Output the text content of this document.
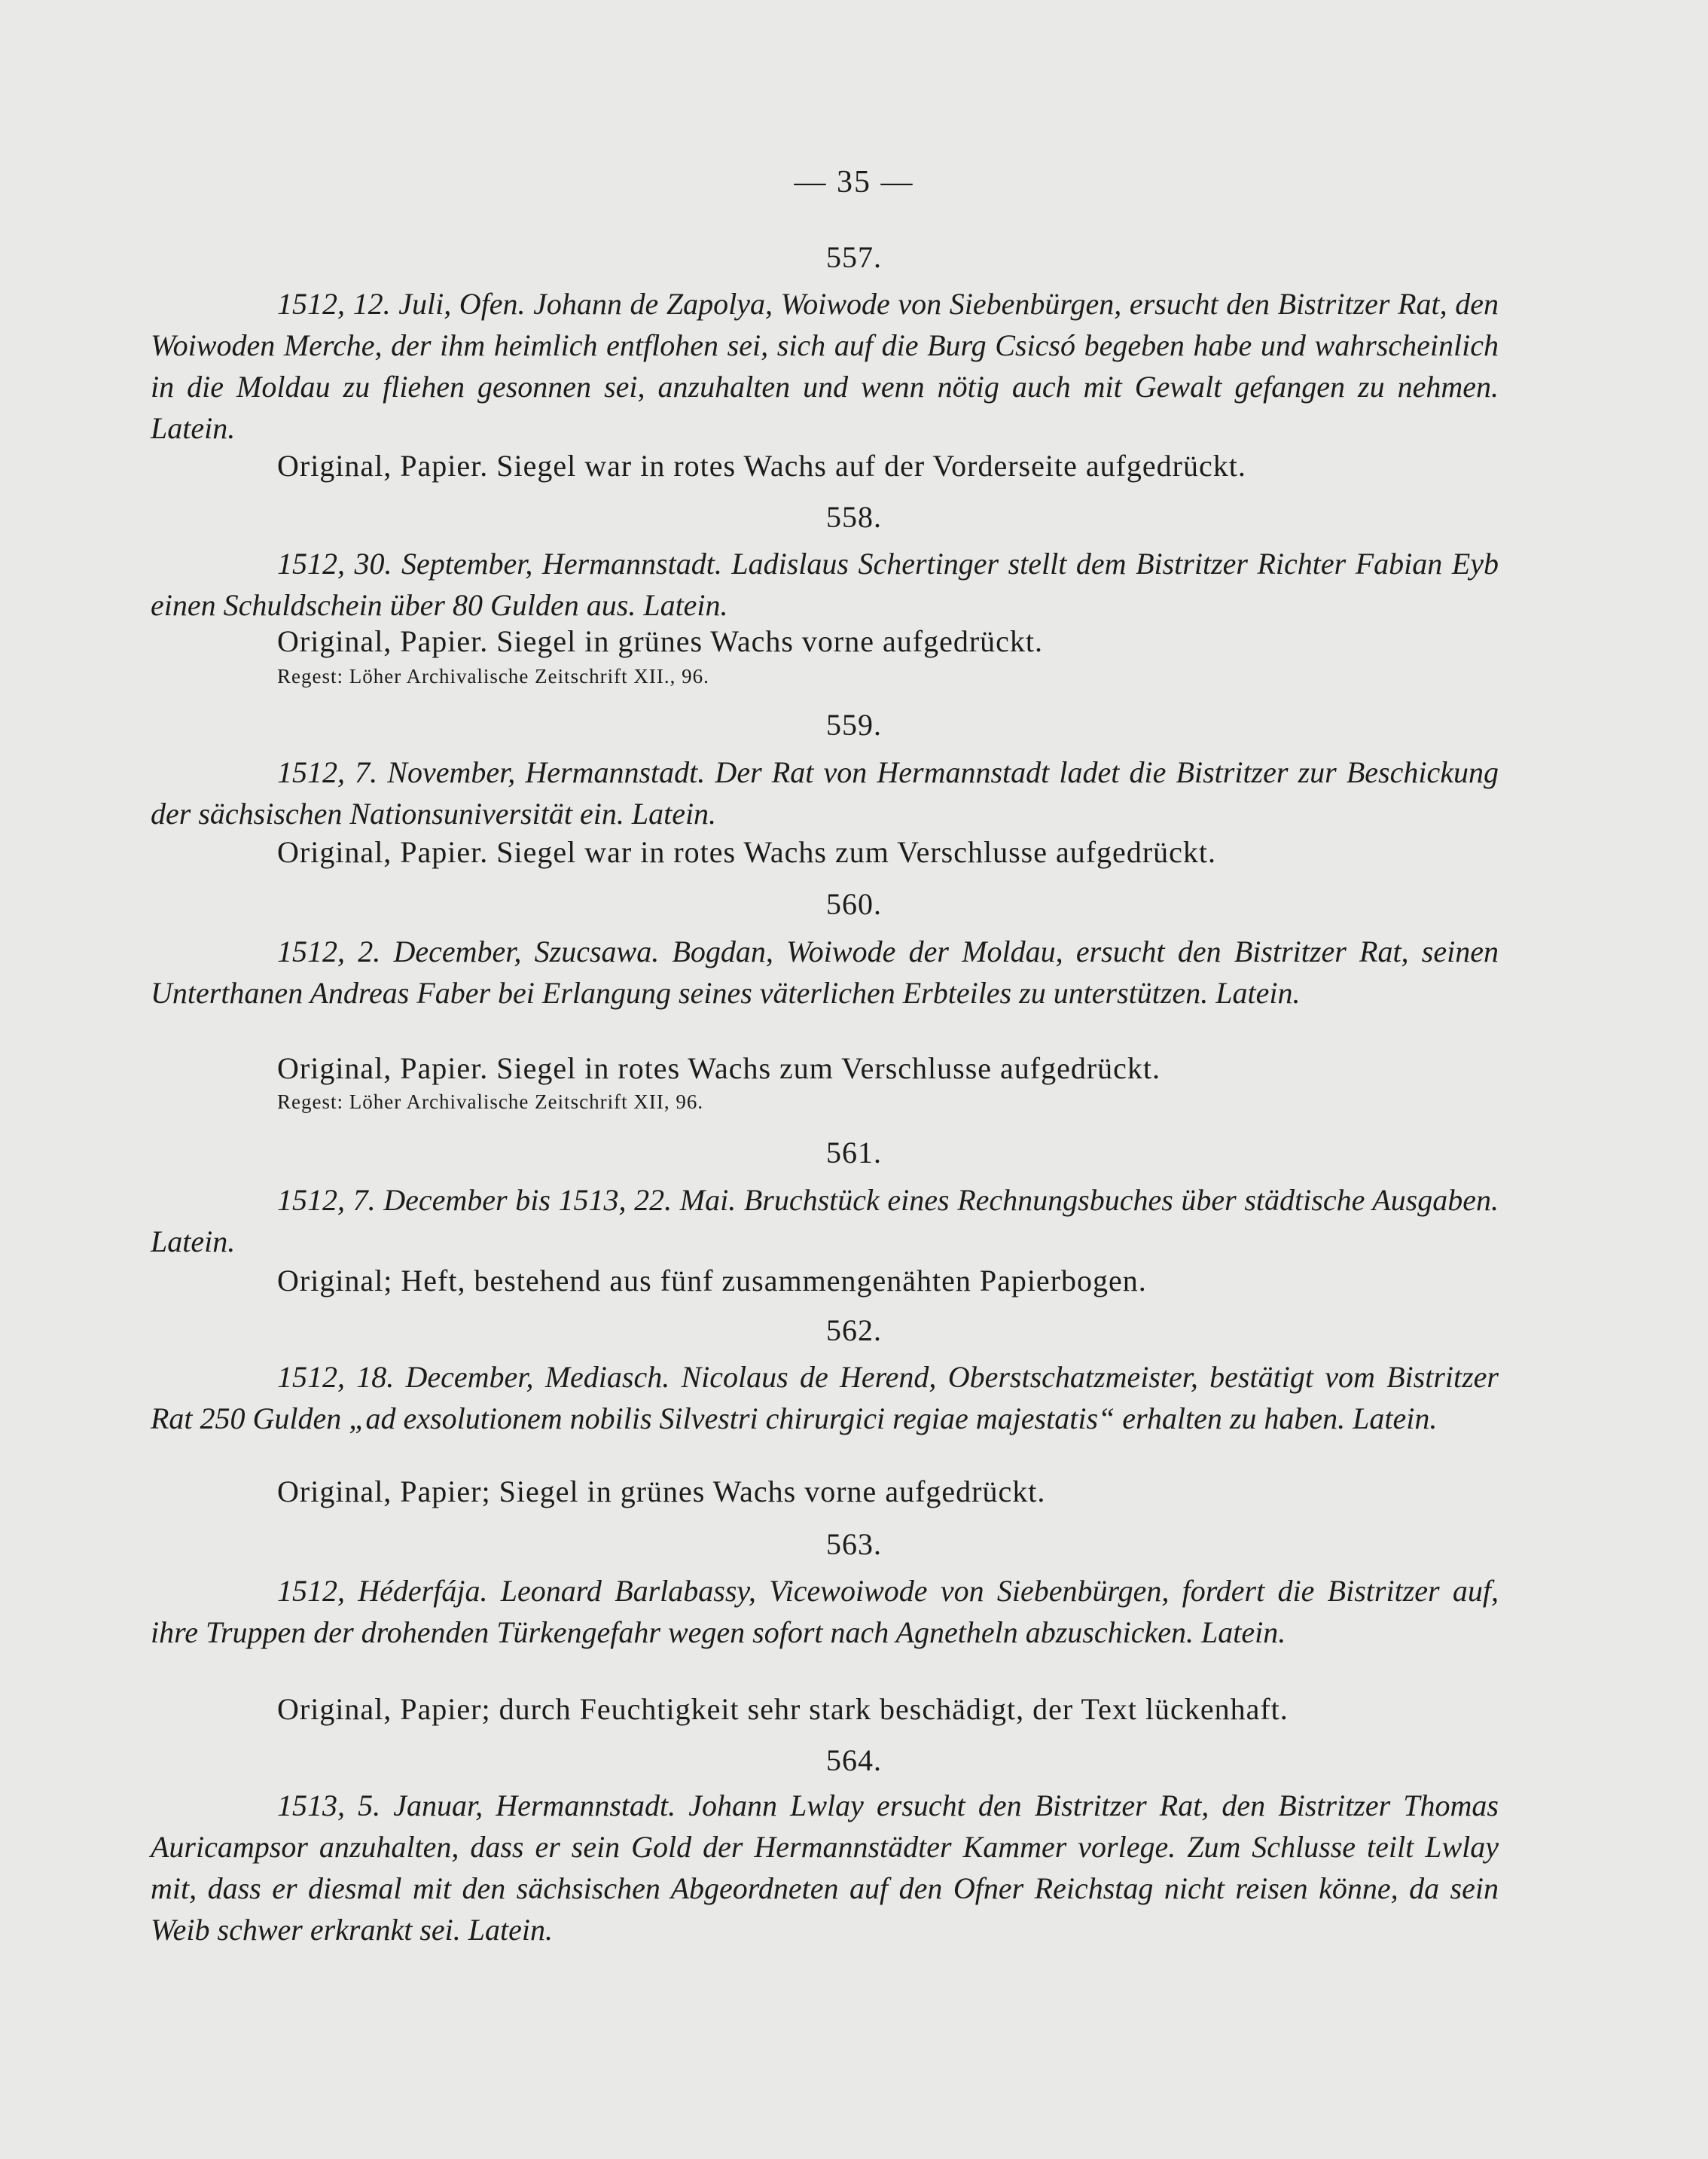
— 35 —
557.
1512, 12. Juli, Ofen. Johann de Zapolya, Woiwode von Siebenbürgen, ersucht den Bistritzer Rat, den Woiwoden Merche, der ihm heimlich entflohen sei, sich auf die Burg Csicsó begeben habe und wahrscheinlich in die Moldau zu fliehen gesonnen sei, anzuhalten und wenn nötig auch mit Gewalt gefangen zu nehmen. Latein.
Original, Papier. Siegel war in rotes Wachs auf der Vorderseite aufgedrückt.
558.
1512, 30. September, Hermannstadt. Ladislaus Schertinger stellt dem Bistritzer Richter Fabian Eyb einen Schuldschein über 80 Gulden aus. Latein.
Original, Papier. Siegel in grünes Wachs vorne aufgedrückt.
Regest: Löher Archivalische Zeitschrift XII., 96.
559.
1512, 7. November, Hermannstadt. Der Rat von Hermannstadt ladet die Bistritzer zur Beschickung der sächsischen Nationsuniversität ein. Latein.
Original, Papier. Siegel war in rotes Wachs zum Verschlusse aufgedrückt.
560.
1512, 2. December, Szucsawa. Bogdan, Woiwode der Moldau, ersucht den Bistritzer Rat, seinen Unterthanen Andreas Faber bei Erlangung seines väterlichen Erbteiles zu unterstützen. Latein.
Original, Papier. Siegel in rotes Wachs zum Verschlusse aufgedrückt.
Regest: Löher Archivalische Zeitschrift XII, 96.
561.
1512, 7. December bis 1513, 22. Mai. Bruchstück eines Rechnungsbuches über städtische Ausgaben. Latein.
Original; Heft, bestehend aus fünf zusammengenähten Papierbogen.
562.
1512, 18. December, Mediasch. Nicolaus de Herend, Oberstschatzmeister, bestätigt vom Bistritzer Rat 250 Gulden „ad exsolutionem nobilis Silvestri chirurgici regiae majestatis“ erhalten zu haben. Latein.
Original, Papier; Siegel in grünes Wachs vorne aufgedrückt.
563.
1512, Héderfája. Leonard Barlabassy, Vicewoiwode von Siebenbürgen, fordert die Bistritzer auf, ihre Truppen der drohenden Türkengefahr wegen sofort nach Agnetheln abzuschicken. Latein.
Original, Papier; durch Feuchtigkeit sehr stark beschädigt, der Text lückenhaft.
564.
1513, 5. Januar, Hermannstadt. Johann Lwlay ersucht den Bistritzer Rat, den Bistritzer Thomas Auricampsor anzuhalten, dass er sein Gold der Hermannstädter Kammer vorlege. Zum Schlusse teilt Lwlay mit, dass er diesmal mit den sächsischen Abgeordneten auf den Ofner Reichstag nicht reisen könne, da sein Weib schwer erkrankt sei. Latein.
